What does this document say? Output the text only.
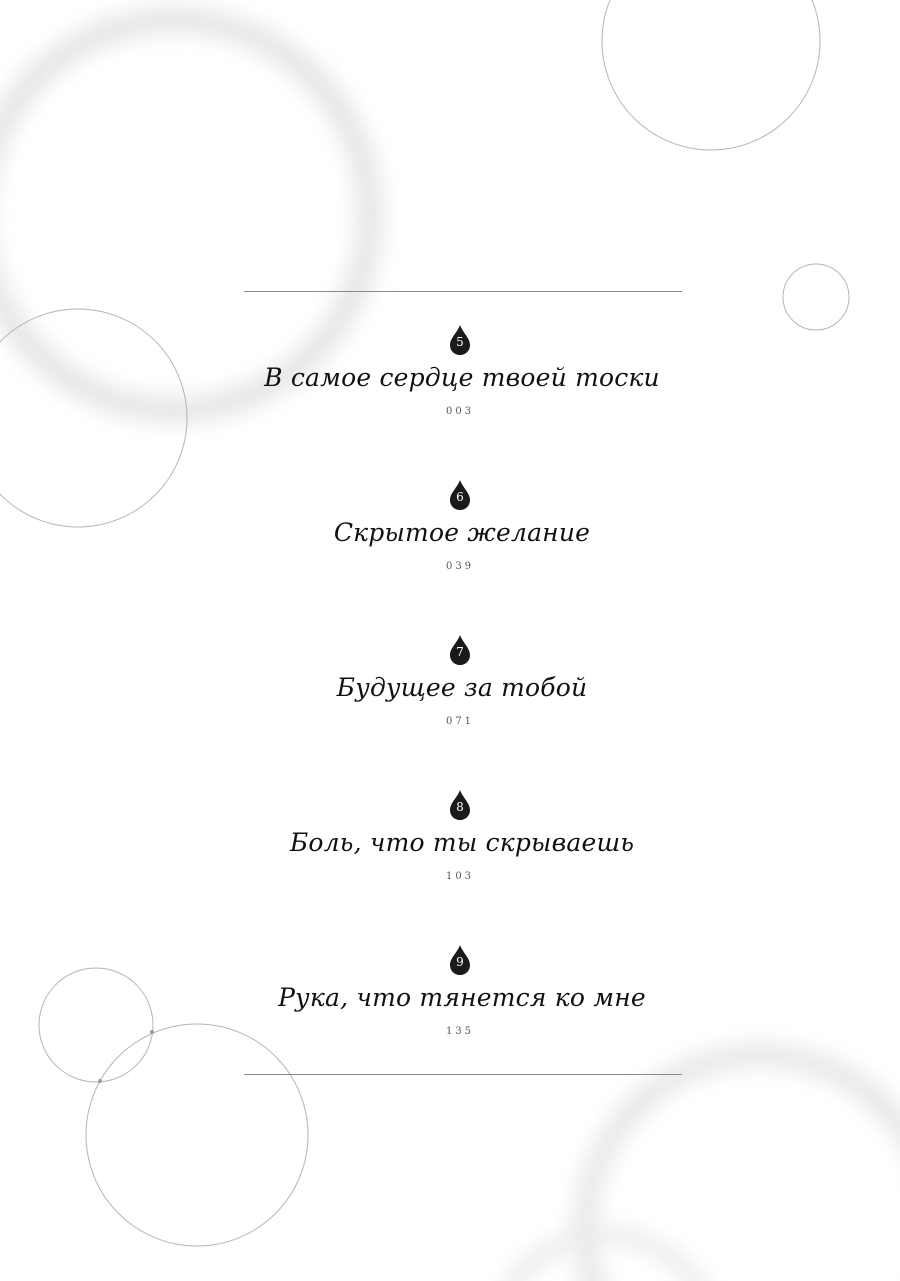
5
В самое сердце твоей тоски
003
6
Скрытое желание
039
7
Будущее за тобой
071
8
Боль, что ты скрываешь
103
9
Рука, что тянется ко мне
135
